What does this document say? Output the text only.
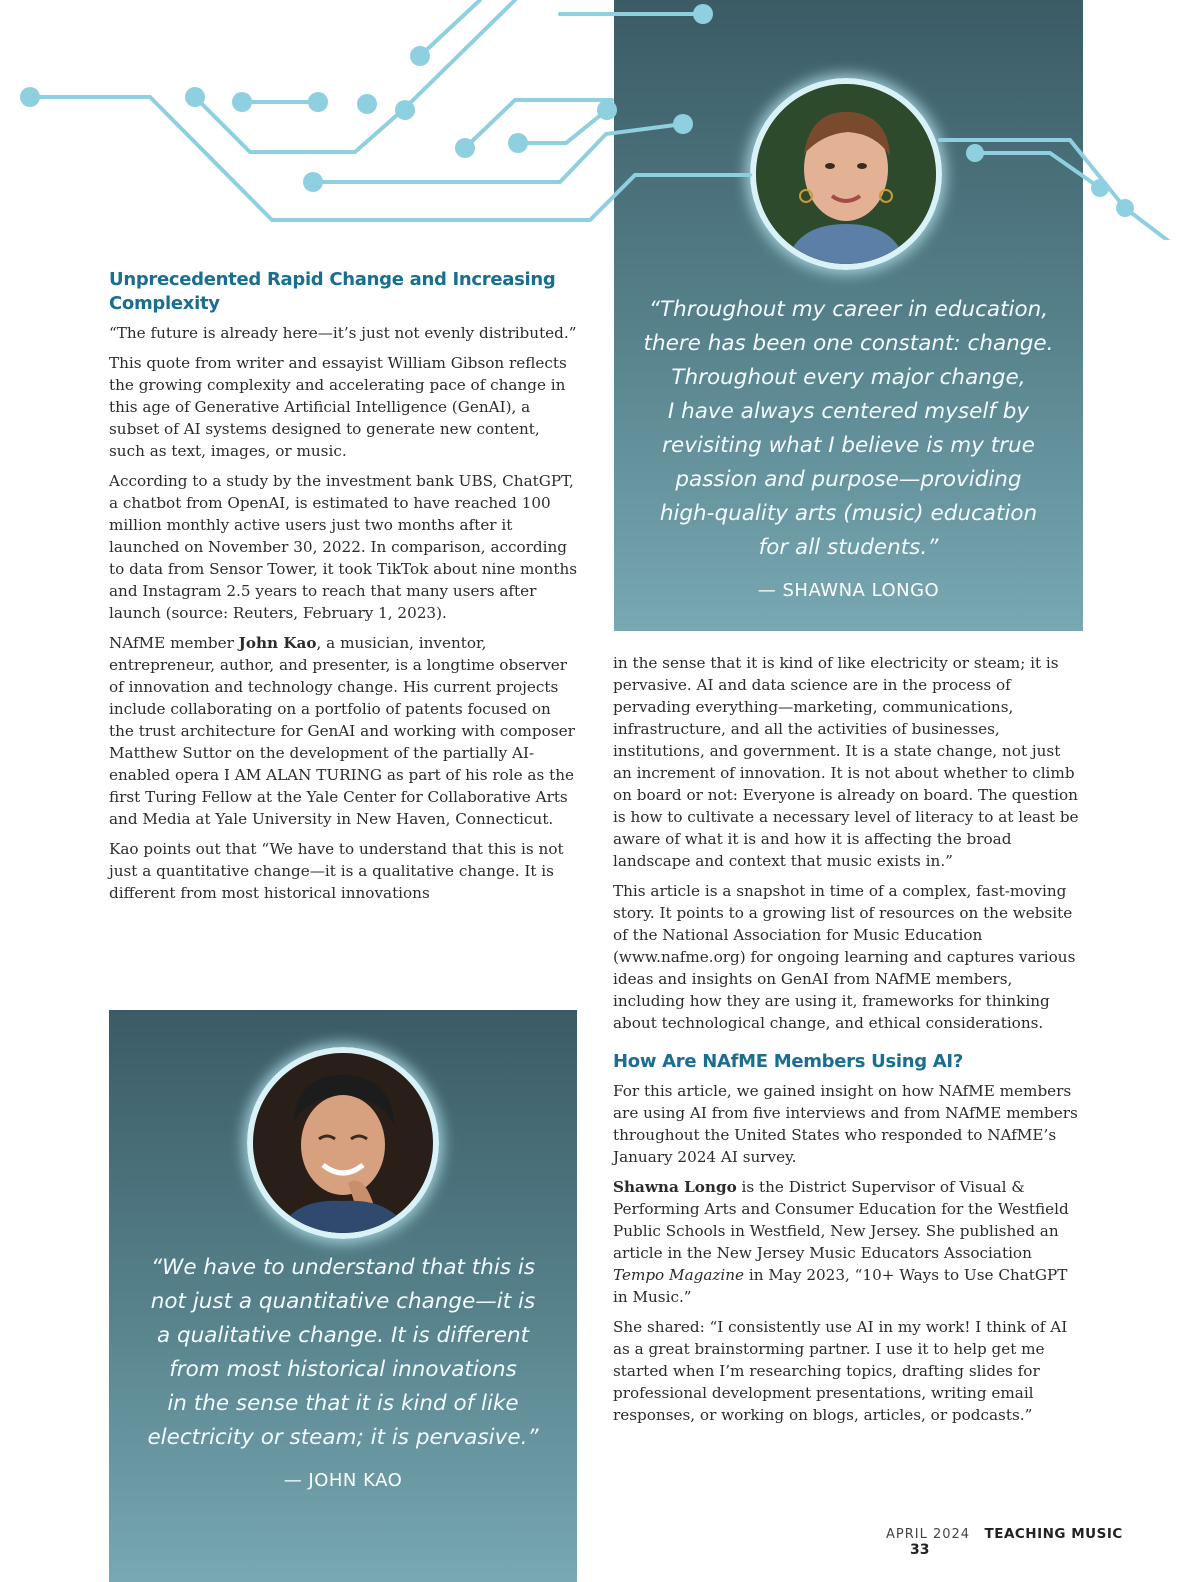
“Throughout my career in education,
there has been one constant: change.
Throughout every major change,
I have always centered myself by
revisiting what I believe is my true
passion and purpose—providing
high-quality arts (music) education
for all students.”

— SHAWNA LONGO
Unprecedented Rapid Change and Increasing Complexity

“The future is already here—it’s just not evenly distributed.”

This quote from writer and essayist William Gibson reflects the growing complexity and accelerating pace of change in this age of Generative Artificial Intelligence (GenAI), a subset of AI systems designed to generate new content, such as text, images, or music.

According to a study by the investment bank UBS, ChatGPT, a chatbot from OpenAI, is estimated to have reached 100 million monthly active users just two months after it launched on November 30, 2022. In comparison, according to data from Sensor Tower, it took TikTok about nine months and Instagram 2.5 years to reach that many users after launch (source: Reuters, February 1, 2023).

NAfME member John Kao, a musician, inventor, entrepreneur, author, and presenter, is a longtime observer of innovation and technology change. His current projects include collaborating on a portfolio of patents focused on the trust architecture for GenAI and working with composer Matthew Suttor on the development of the partially AI-enabled opera I AM ALAN TURING as part of his role as the first Turing Fellow at the Yale Center for Collaborative Arts and Media at Yale University in New Haven, Connecticut.

Kao points out that “We have to understand that this is not just a quantitative change—it is a qualitative change. It is different from most historical innovations

“We have to understand that this is
not just a quantitative change—it is
a qualitative change. It is different
from most historical innovations
in the sense that it is kind of like
electricity or steam; it is pervasive.”

— JOHN KAO

in the sense that it is kind of like electricity or steam; it is pervasive. AI and data science are in the process of pervading everything—marketing, communications, infrastructure, and all the activities of businesses, institutions, and government. It is a state change, not just an increment of innovation. It is not about whether to climb on board or not: Everyone is already on board. The question is how to cultivate a necessary level of literacy to at least be aware of what it is and how it is affecting the broad landscape and context that music exists in.”

This article is a snapshot in time of a complex, fast-moving story. It points to a growing list of resources on the website of the National Association for Music Education (www.nafme.org) for ongoing learning and captures various ideas and insights on GenAI from NAfME members, including how they are using it, frameworks for thinking about technological change, and ethical considerations.

How Are NAfME Members Using AI?

For this article, we gained insight on how NAfME members are using AI from five interviews and from NAfME members throughout the United States who responded to NAfME’s January 2024 AI survey.

Shawna Longo is the District Supervisor of Visual & Performing Arts and Consumer Education for the Westfield Public Schools in Westfield, New Jersey. She published an article in the New Jersey Music Educators Association Tempo Magazine in May 2023, “10+ Ways to Use ChatGPT in Music.”

She shared: “I consistently use AI in my work! I think of AI as a great brainstorming partner. I use it to help get me started when I’m researching topics, drafting slides for professional development presentations, writing email responses, or working on blogs, articles, or podcasts.”

APRIL 2024 TEACHING MUSIC 33
